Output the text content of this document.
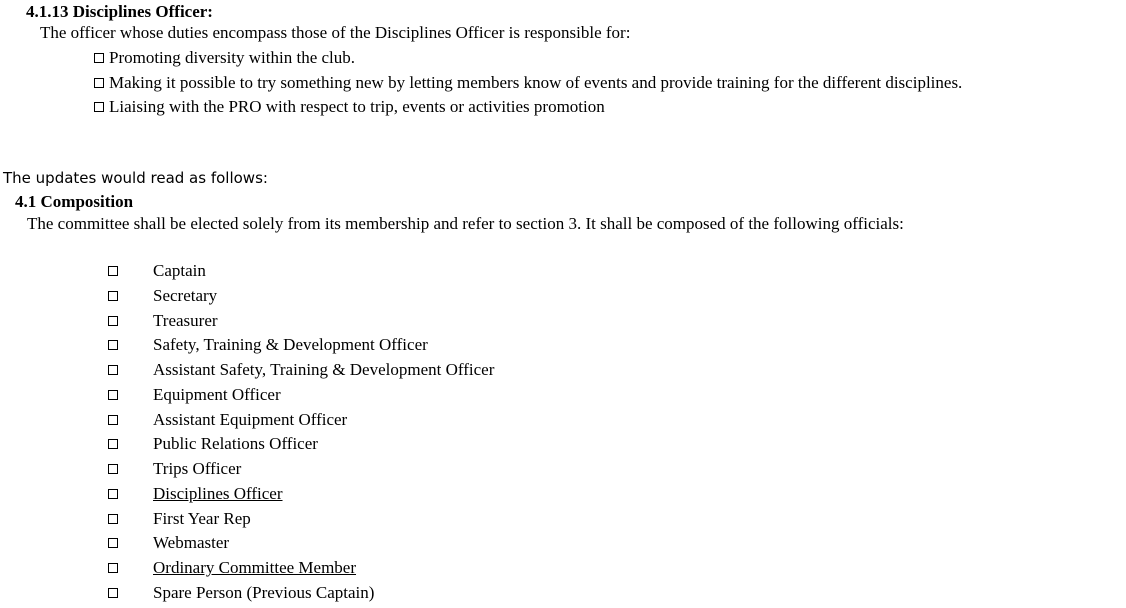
4.1.13 Disciplines Officer:
The officer whose duties encompass those of the Disciplines Officer is responsible for:
Promoting diversity within the club.
Making it possible to try something new by letting members know of events and provide training for the different disciplines.
Liaising with the PRO with respect to trip, events or activities promotion
The updates would read as follows:
4.1 Composition
The committee shall be elected solely from its membership and refer to section 3. It shall be composed of the following officials:
Captain
Secretary
Treasurer
Safety, Training & Development Officer
Assistant Safety, Training & Development Officer
Equipment Officer
Assistant Equipment Officer
Public Relations Officer
Trips Officer
Disciplines Officer
First Year Rep
Webmaster
Ordinary Committee Member
Spare Person (Previous Captain)
